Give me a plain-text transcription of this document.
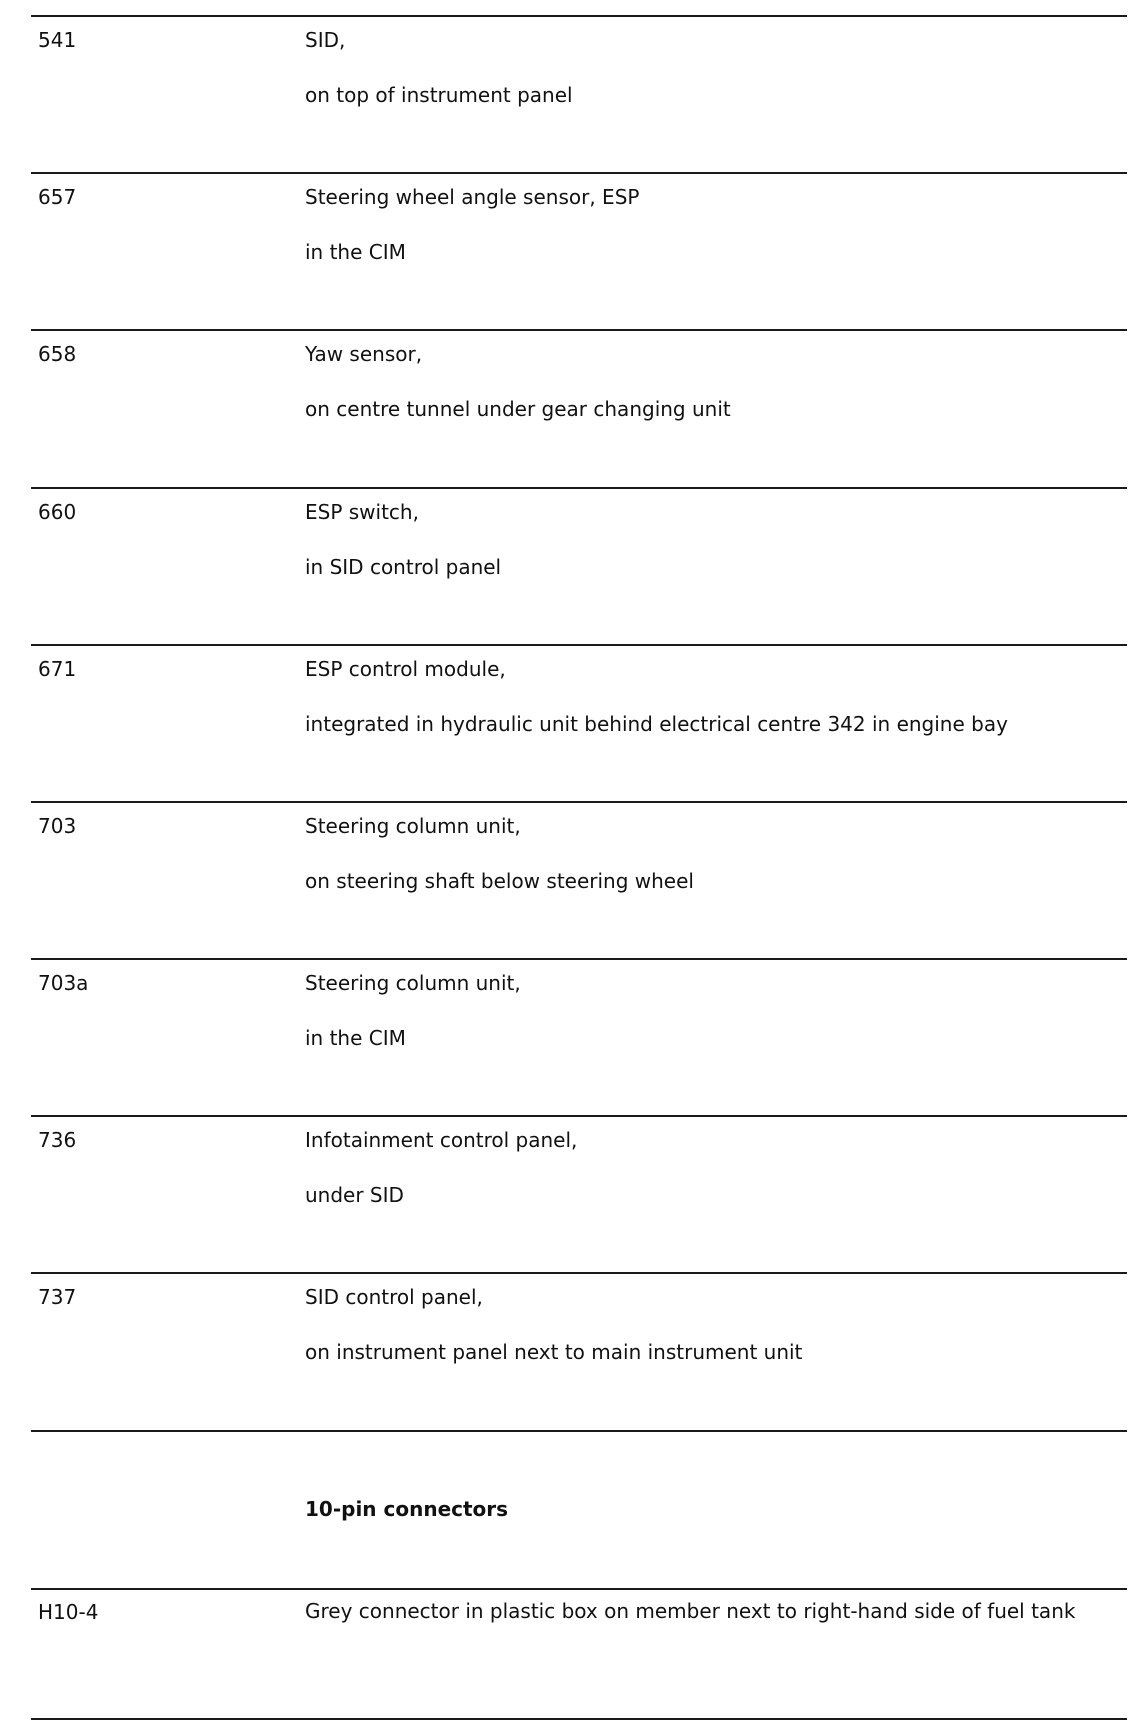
541	SID,
on top of instrument panel
657	Steering wheel angle sensor, ESP
in the CIM
658	Yaw sensor,
on centre tunnel under gear changing unit
660	ESP switch,
in SID control panel
671	ESP control module,
integrated in hydraulic unit behind electrical centre 342 in engine bay
703	Steering column unit,
on steering shaft below steering wheel
703a	Steering column unit,
in the CIM
736	Infotainment control panel,
under SID
737	SID control panel,
on instrument panel next to main instrument unit
10-pin connectors
H10-4	Grey connector in plastic box on member next to right-hand side of fuel tank
